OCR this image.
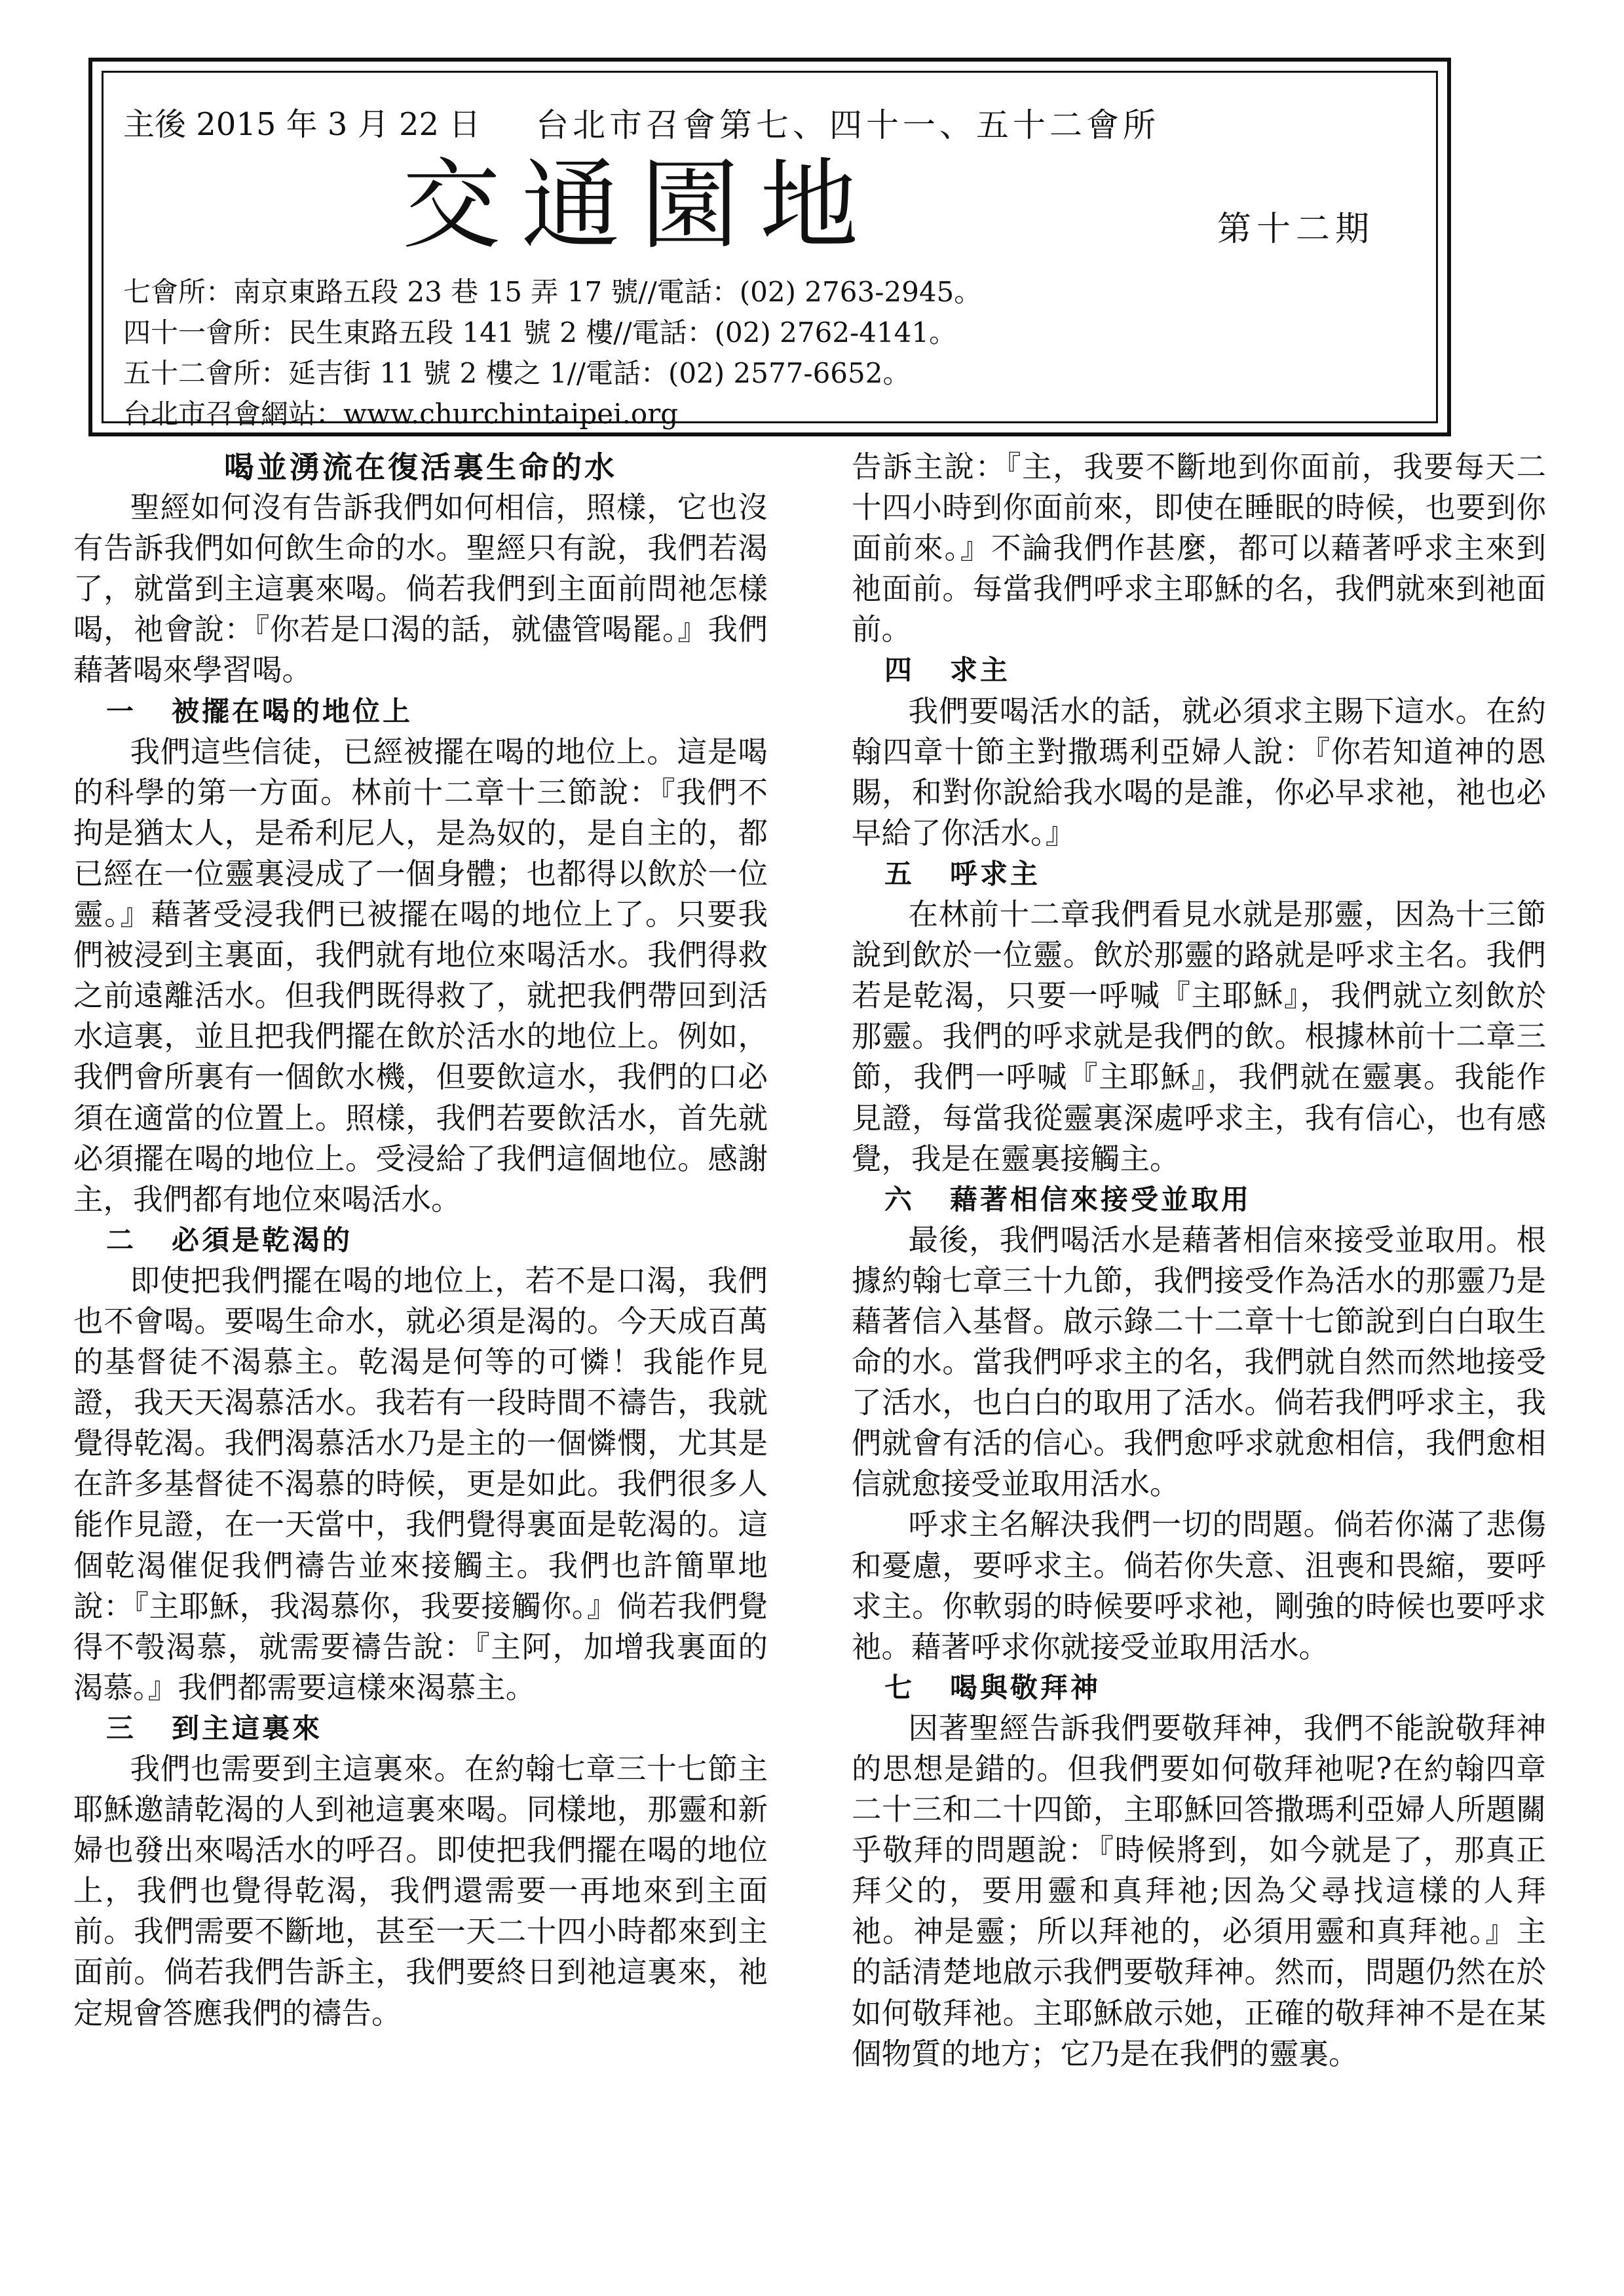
主後 2015 年 3 月 22 日 台北市召會第七、四十一、五十二會所
交通園地	第十二期
七會所：南京東路五段 23 巷 15 弄 17 號//電話：(02) 2763-2945。
四十一會所：民生東路五段 141 號 2 樓//電話：(02) 2762-4141。
五十二會所：延吉街 11 號 2 樓之 1//電話：(02) 2577-6652。
台北市召會網站：www.churchintaipei.org
喝並湧流在復活裏生命的水

聖經如何沒有告訴我們如何相信，照樣，它也沒有告訴我們如何飲生命的水。聖經只有說，我們若渴了，就當到主這裏來喝。倘若我們到主面前問祂怎樣喝，祂會說：『你若是口渴的話，就儘管喝罷。』我們藉著喝來學習喝。

一 被擺在喝的地位上

我們這些信徒，已經被擺在喝的地位上。這是喝的科學的第一方面。林前十二章十三節說：『我們不拘是猶太人，是希利尼人，是為奴的，是自主的，都已經在一位靈裏浸成了一個身體；也都得以飲於一位靈。』藉著受浸我們已被擺在喝的地位上了。只要我們被浸到主裏面，我們就有地位來喝活水。我們得救之前遠離活水。但我們既得救了，就把我們帶回到活水這裏，並且把我們擺在飲於活水的地位上。例如，我們會所裏有一個飲水機，但要飲這水，我們的口必須在適當的位置上。照樣，我們若要飲活水，首先就必須擺在喝的地位上。受浸給了我們這個地位。感謝主，我們都有地位來喝活水。

二 必須是乾渴的

即使把我們擺在喝的地位上，若不是口渴，我們也不會喝。要喝生命水，就必須是渴的。今天成百萬的基督徒不渴慕主。乾渴是何等的可憐！我能作見證，我天天渴慕活水。我若有一段時間不禱告，我就覺得乾渴。我們渴慕活水乃是主的一個憐憫，尤其是在許多基督徒不渴慕的時候，更是如此。我們很多人能作見證，在一天當中，我們覺得裏面是乾渴的。這個乾渴催促我們禱告並來接觸主。我們也許簡單地說：『主耶穌，我渴慕你，我要接觸你。』倘若我們覺得不彀渴慕，就需要禱告說：『主阿，加增我裏面的渴慕。』我們都需要這樣來渴慕主。

三 到主這裏來

我們也需要到主這裏來。在約翰七章三十七節主耶穌邀請乾渴的人到祂這裏來喝。同樣地，那靈和新婦也發出來喝活水的呼召。即使把我們擺在喝的地位上，我們也覺得乾渴，我們還需要一再地來到主面前。我們需要不斷地，甚至一天二十四小時都來到主面前。倘若我們告訴主，我們要終日到祂這裏來，祂定規會答應我們的禱告。

告訴主說：『主，我要不斷地到你面前，我要每天二十四小時到你面前來，即使在睡眠的時候，也要到你面前來。』不論我們作甚麼，都可以藉著呼求主來到祂面前。每當我們呼求主耶穌的名，我們就來到祂面前。

四 求主

我們要喝活水的話，就必須求主賜下這水。在約翰四章十節主對撒瑪利亞婦人說：『你若知道神的恩賜，和對你說給我水喝的是誰，你必早求祂，祂也必早給了你活水。』

五 呼求主

在林前十二章我們看見水就是那靈，因為十三節說到飲於一位靈。飲於那靈的路就是呼求主名。我們若是乾渴，只要一呼喊『主耶穌』，我們就立刻飲於那靈。我們的呼求就是我們的飲。根據林前十二章三節，我們一呼喊『主耶穌』，我們就在靈裏。我能作見證，每當我從靈裏深處呼求主，我有信心，也有感覺，我是在靈裏接觸主。

六 藉著相信來接受並取用

最後，我們喝活水是藉著相信來接受並取用。根據約翰七章三十九節，我們接受作為活水的那靈乃是藉著信入基督。啟示錄二十二章十七節說到白白取生命的水。當我們呼求主的名，我們就自然而然地接受了活水，也白白的取用了活水。倘若我們呼求主，我們就會有活的信心。我們愈呼求就愈相信，我們愈相信就愈接受並取用活水。

呼求主名解決我們一切的問題。倘若你滿了悲傷和憂慮，要呼求主。倘若你失意、沮喪和畏縮，要呼求主。你軟弱的時候要呼求祂，剛強的時候也要呼求祂。藉著呼求你就接受並取用活水。

七 喝與敬拜神

因著聖經告訴我們要敬拜神，我們不能說敬拜神的思想是錯的。但我們要如何敬拜祂呢?在約翰四章二十三和二十四節，主耶穌回答撒瑪利亞婦人所題關乎敬拜的問題說：『時候將到，如今就是了，那真正拜父的，要用靈和真拜祂;因為父尋找這樣的人拜祂。神是靈；所以拜祂的，必須用靈和真拜祂。』主的話清楚地啟示我們要敬拜神。然而，問題仍然在於如何敬拜祂。主耶穌啟示她，正確的敬拜神不是在某個物質的地方；它乃是在我們的靈裏。
